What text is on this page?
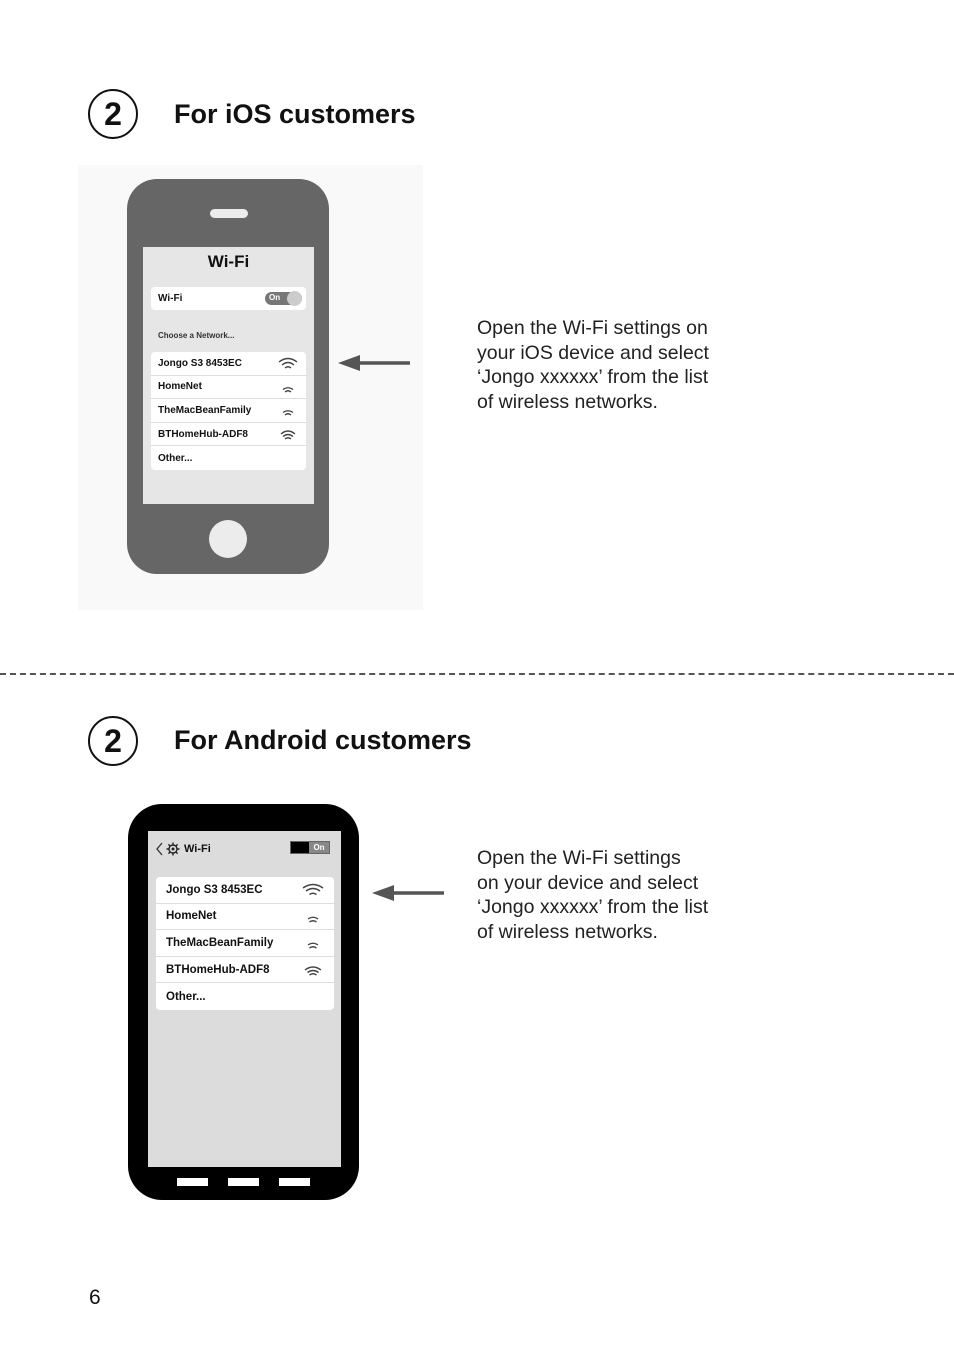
2	For iOS customers
Wi-Fi
Wi-Fi	On
Choose a Network...
Jongo S3 8453EC
HomeNet
TheMacBeanFamily
BTHomeHub-ADF8
Other...
Open the Wi-Fi settings on
your iOS device and select
‘Jongo xxxxxx’ from the list
of wireless networks.
2	For Android customers
Wi-Fi	On
Jongo S3 8453EC
HomeNet
TheMacBeanFamily
BTHomeHub-ADF8
Other...
Open the Wi-Fi settings
on your device and select
‘Jongo xxxxxx’ from the list
of wireless networks.
6
